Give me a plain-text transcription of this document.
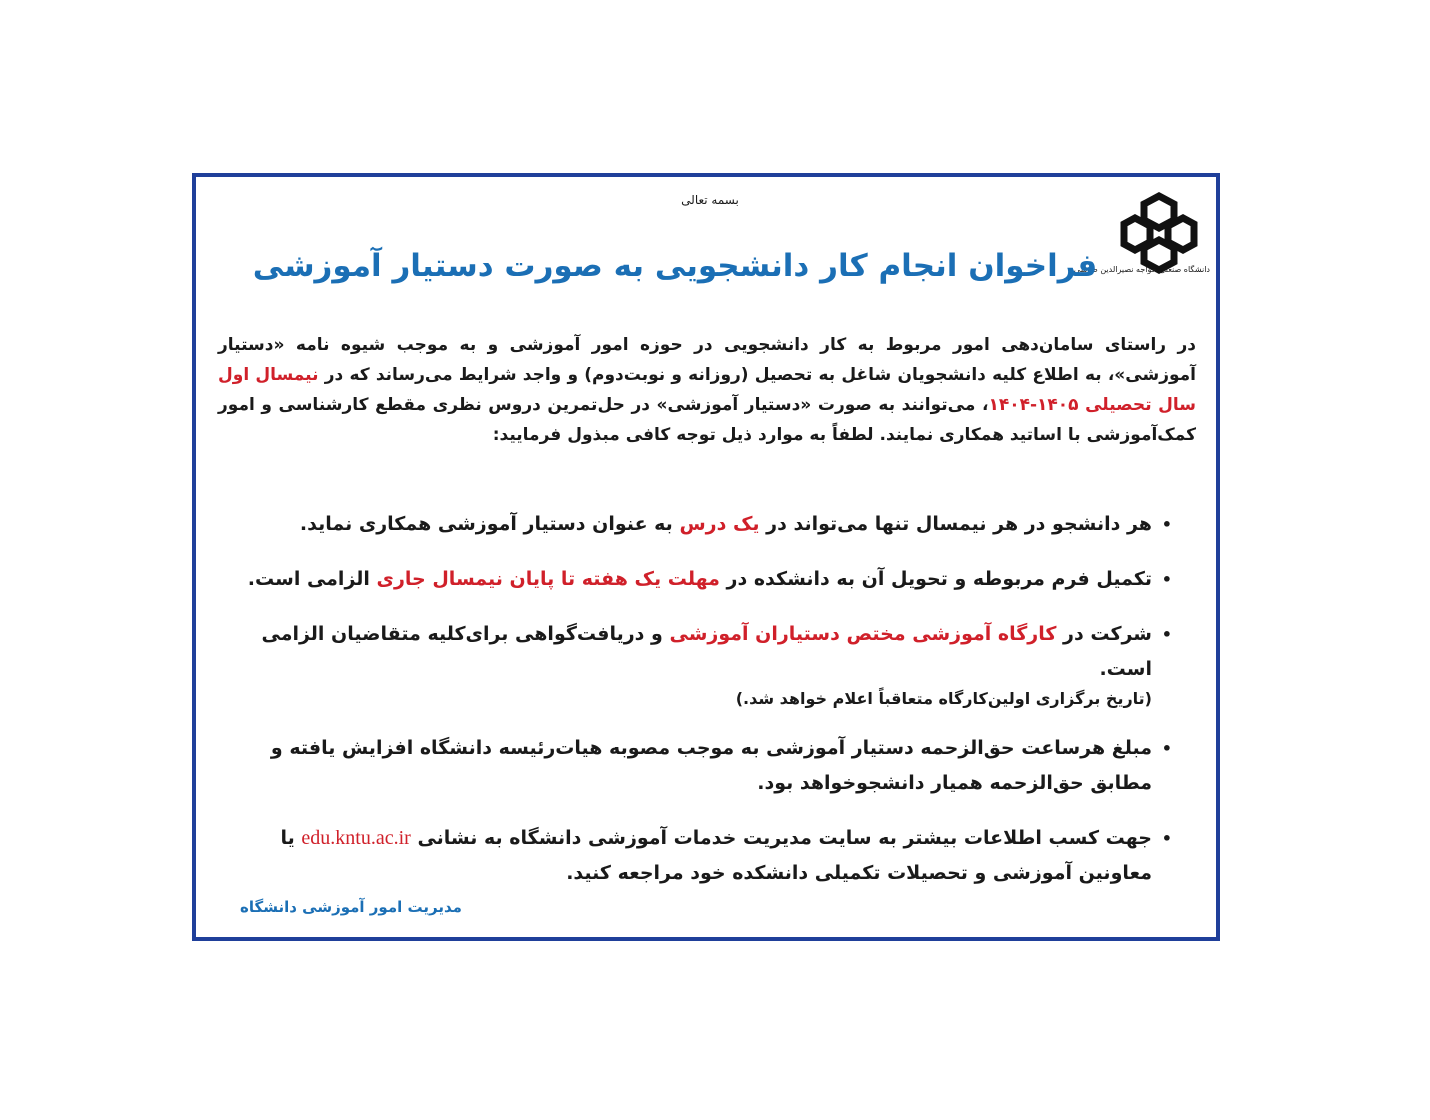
بسمه تعالی
دانشگاه صنعتی خواجه نصیرالدین طوسی
فراخوان انجام کار دانشجویی به صورت دستیار آموزشی
در راستای سامان‌دهی امور مربوط به کار دانشجویی در حوزه امور آموزشی و به موجب شیوه نامه «دستیار آموزشی»، به اطلاع کلیه دانشجویان شاغل به تحصیل (روزانه و نوبت‌دوم) و واجد شرایط می‌رساند که در نیمسال اول سال تحصیلی ۱۴۰۵-۱۴۰۴، می‌توانند به صورت «دستیار آموزشی» در حل‌تمرین دروس نظری مقطع کارشناسی و امور کمک‌آموزشی با اساتید همکاری نمایند. لطفاً به موارد ذیل توجه کافی مبذول فرمایید:
• هر دانشجو در هر نیمسال تنها می‌تواند در یک درس به عنوان دستیار آموزشی همکاری نماید.
• تکمیل فرم مربوطه و تحویل آن به دانشکده در مهلت یک هفته تا پایان نیمسال جاری الزامی است.
• شرکت در کارگاه آموزشی مختص دستیاران آموزشی و دریافت‌گواهی برای‌کلیه متقاضیان الزامی است.
(تاریخ برگزاری اولین‌کارگاه متعاقباً اعلام خواهد شد.)
• مبلغ هرساعت حق‌الزحمه دستیار آموزشی به موجب مصوبه هیات‌رئیسه دانشگاه افزایش یافته و مطابق حق‌الزحمه همیار دانشجوخواهد بود.
• جهت کسب اطلاعات بیشتر به سایت مدیریت خدمات آموزشی دانشگاه به نشانی edu.kntu.ac.ir یا معاونین آموزشی و تحصیلات تکمیلی دانشکده خود مراجعه کنید.
مدیریت امور آموزشی دانشگاه
